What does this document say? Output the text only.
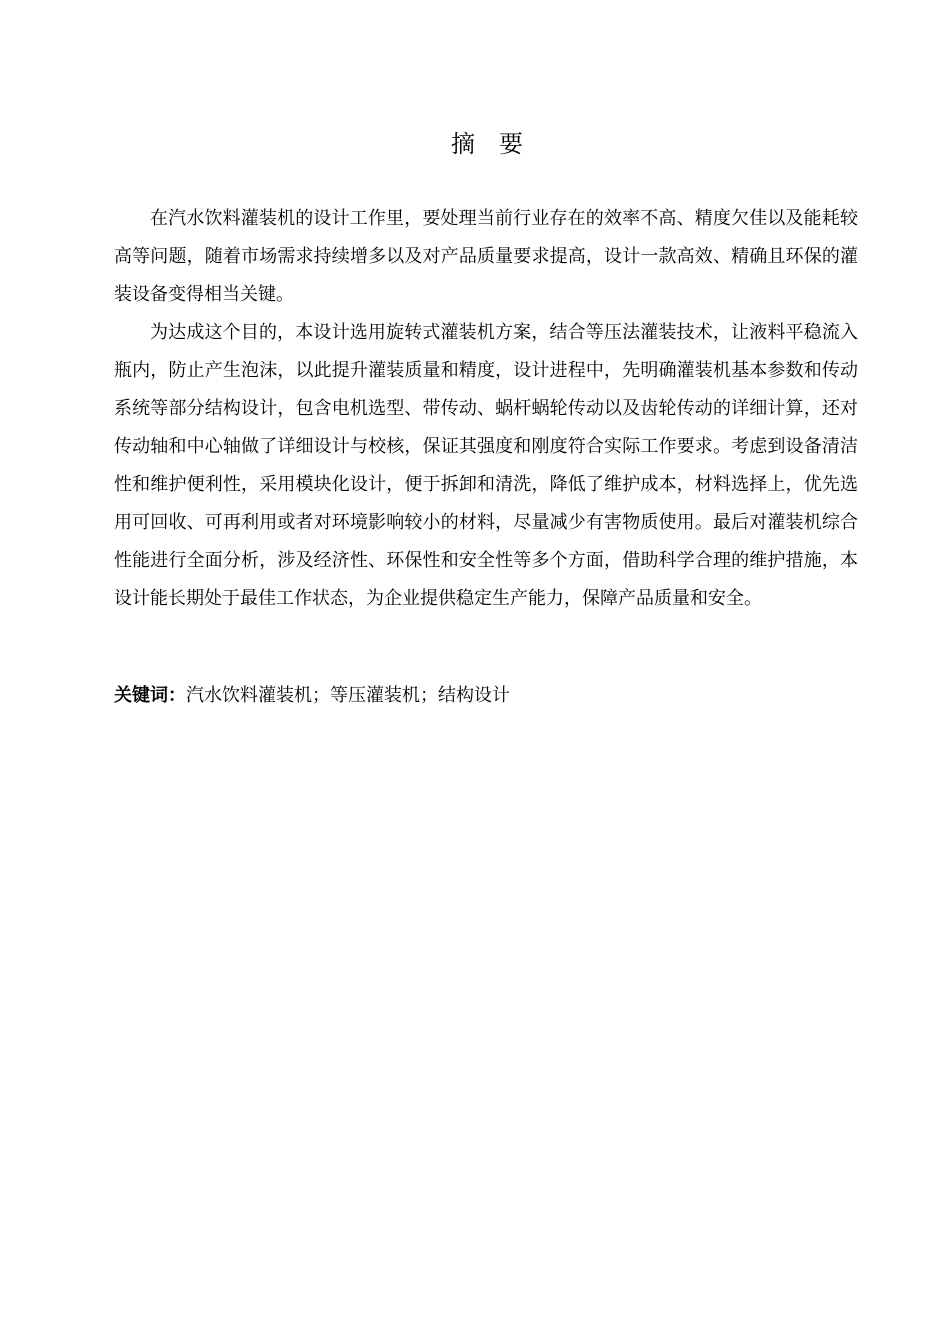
摘 要

在汽水饮料灌装机的设计工作里，要处理当前行业存在的效率不高、精度欠佳以及能耗较高等问题，随着市场需求持续增多以及对产品质量要求提高，设计一款高效、精确且环保的灌装设备变得相当关键。

为达成这个目的，本设计选用旋转式灌装机方案，结合等压法灌装技术，让液料平稳流入瓶内，防止产生泡沫，以此提升灌装质量和精度，设计进程中，先明确灌装机基本参数和传动系统等部分结构设计，包含电机选型、带传动、蜗杆蜗轮传动以及齿轮传动的详细计算，还对传动轴和中心轴做了详细设计与校核，保证其强度和刚度符合实际工作要求。考虑到设备清洁性和维护便利性，采用模块化设计，便于拆卸和清洗，降低了维护成本，材料选择上，优先选用可回收、可再利用或者对环境影响较小的材料，尽量减少有害物质使用。最后对灌装机综合性能进行全面分析，涉及经济性、环保性和安全性等多个方面，借助科学合理的维护措施，本设计能长期处于最佳工作状态，为企业提供稳定生产能力，保障产品质量和安全。

关键词：汽水饮料灌装机；等压灌装机；结构设计
